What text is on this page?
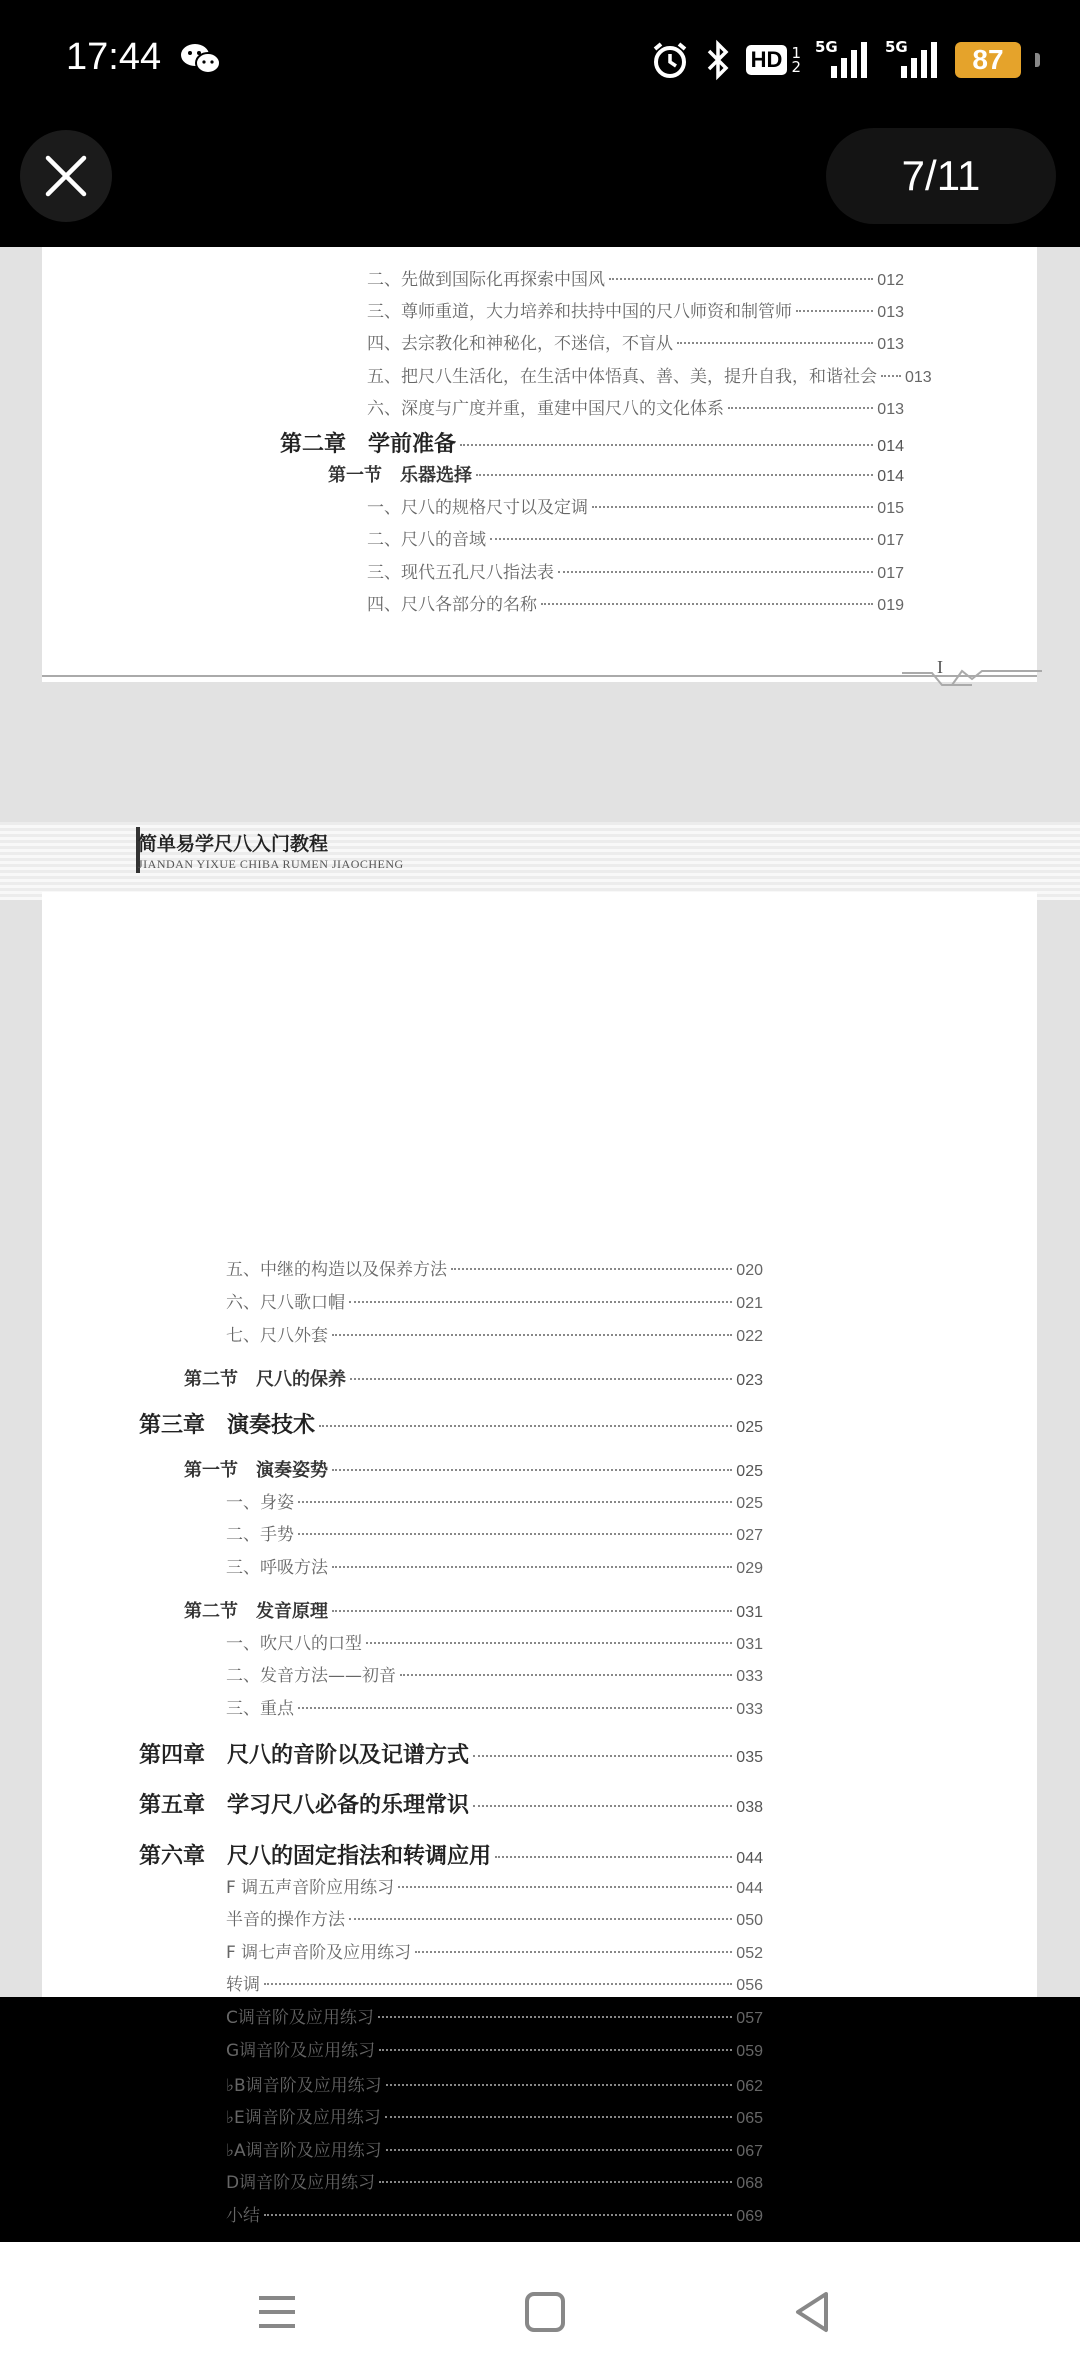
17:44	HD 1
2
5G	5G	87
7/11
二、先做到国际化再探索中国风	012
三、尊师重道，大力培养和扶持中国的尺八师资和制管师	013
四、去宗教化和神秘化，不迷信，不盲从	013
五、把尺八生活化，在生活中体悟真、善、美，提升自我，和谐社会 013
六、深度与广度并重，重建中国尺八的文化体系	013
第二章　学前准备	014
第一节　乐器选择	014
一、尺八的规格尺寸以及定调	015
二、尺八的音域	017
三、现代五孔尺八指法表	017
四、尺八各部分的名称	019
I
简单易学尺八入门教程
JIANDAN YIXUE CHIBA RUMEN JIAOCHENG
五、中继的构造以及保养方法	020
六、尺八歌口帽	021
七、尺八外套	022
第二节　尺八的保养	023
第三章　演奏技术	025
第一节　演奏姿势	025
一、身姿	025
二、手势	027
三、呼吸方法	029
第二节　发音原理	031
一、吹尺八的口型	031
二、发音方法——初音	033
三、重点	033
第四章　尺八的音阶以及记谱方式	035
第五章　学习尺八必备的乐理常识	038
第六章　尺八的固定指法和转调应用	044
F 调五声音阶应用练习	044
半音的操作方法	050
F 调七声音阶及应用练习	052
转调	056
C调音阶及应用练习	057
G调音阶及应用练习	059
♭B调音阶及应用练习	062
♭E调音阶及应用练习	065
♭A调音阶及应用练习	067
D调音阶及应用练习	068
小结	069
